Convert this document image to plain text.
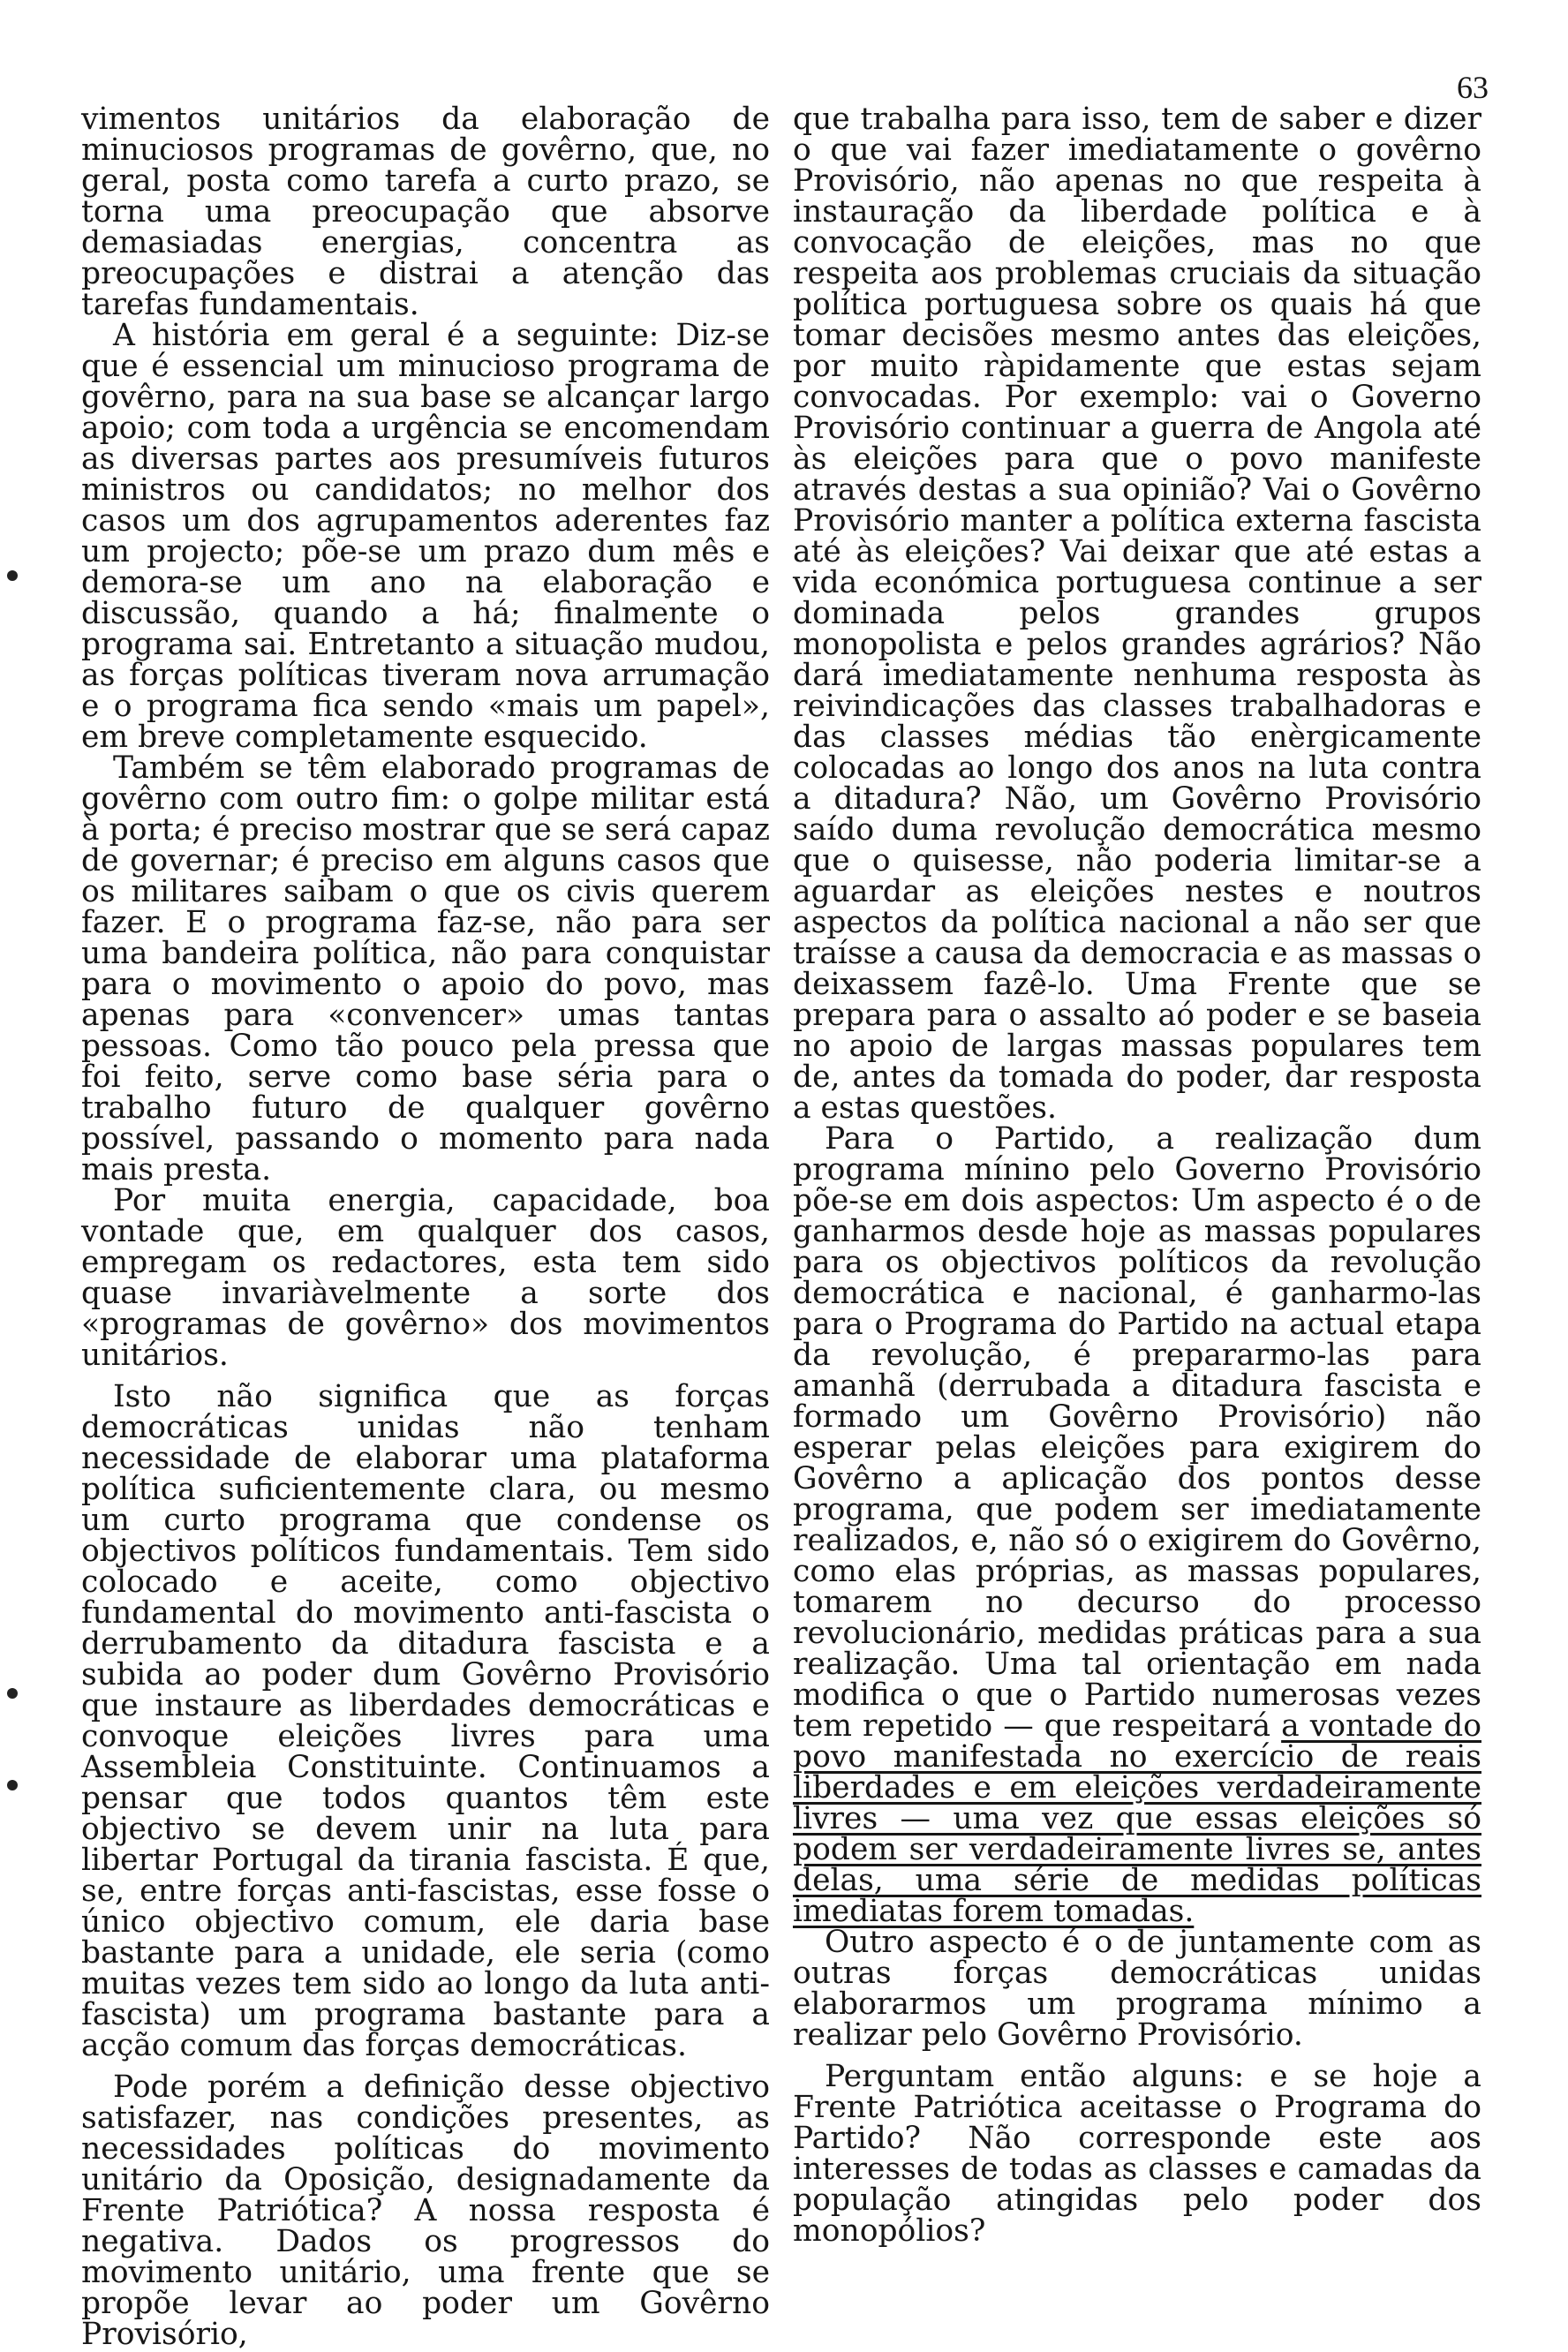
63

vimentos unitários da elaboração de minuciosos programas de govêrno, que, no geral, posta como tarefa a curto prazo, se torna uma preocupação que absorve demasiadas energias, concentra as preocupações e distrai a atenção das tarefas fundamentais.

A história em geral é a seguinte: Diz-se que é essencial um minucioso programa de govêrno, para na sua base se alcançar largo apoio; com toda a urgência se encomendam as diversas partes aos presumíveis futuros ministros ou candidatos; no melhor dos casos um dos agrupamentos aderentes faz um projecto; põe-se um prazo dum mês e demora-se um ano na elaboração e discussão, quando a há; finalmente o programa sai. Entretanto a situação mudou, as forças políticas tiveram nova arrumação e o programa fica sendo «mais um papel», em breve completamente esquecido.

Também se têm elaborado programas de govêrno com outro fim: o golpe militar está à porta; é preciso mostrar que se será capaz de governar; é preciso em alguns casos que os militares saibam o que os civis querem fazer. E o programa faz-se, não para ser uma bandeira política, não para conquistar para o movimento o apoio do povo, mas apenas para «convencer» umas tantas pessoas. Como tão pouco pela pressa que foi feito, serve como base séria para o trabalho futuro de qualquer govêrno possível, passando o momento para nada mais presta.

Por muita energia, capacidade, boa vontade que, em qualquer dos casos, empregam os redactores, esta tem sido quase invariàvelmente a sorte dos «programas de govêrno» dos movimentos unitários.

Isto não significa que as forças democráticas unidas não tenham necessidade de elaborar uma plataforma política suficientemente clara, ou mesmo um curto programa que condense os objectivos políticos fundamentais. Tem sido colocado e aceite, como objectivo fundamental do movimento anti-fascista o derrubamento da ditadura fascista e a subida ao poder dum Govêrno Provisório que instaure as liberdades democráticas e convoque eleições livres para uma Assembleia Constituinte. Continuamos a pensar que todos quantos têm este objectivo se devem unir na luta para libertar Portugal da tirania fascista. É que, se, entre forças anti-fascistas, esse fosse o único objectivo comum, ele daria base bastante para a unidade, ele seria (como muitas vezes tem sido ao longo da luta anti-fascista) um programa bastante para a acção comum das forças democráticas.

Pode porém a definição desse objectivo satisfazer, nas condições presentes, as necessidades políticas do movimento unitário da Oposição, designadamente da Frente Patriótica? A nossa resposta é negativa. Dados os progressos do movimento unitário, uma frente que se propõe levar ao poder um Govêrno Provisório,

que trabalha para isso, tem de saber e dizer o que vai fazer imediatamente o govêrno Provisório, não apenas no que respeita à instauração da liberdade política e à convocação de eleições, mas no que respeita aos problemas cruciais da situação política portuguesa sobre os quais há que tomar decisões mesmo antes das eleições, por muito ràpidamente que estas sejam convocadas. Por exemplo: vai o Governo Provisório continuar a guerra de Angola até às eleições para que o povo manifeste através destas a sua opinião? Vai o Govêrno Provisório manter a política externa fascista até às eleições? Vai deixar que até estas a vida económica portuguesa continue a ser dominada pelos grandes grupos monopolista e pelos grandes agrários? Não dará imediatamente nenhuma resposta às reivindicações das classes trabalhadoras e das classes médias tão enèrgicamente colocadas ao longo dos anos na luta contra a ditadura? Não, um Govêrno Provisório saído duma revolução democrática mesmo que o quisesse, não poderia limitar-se a aguardar as eleições nestes e noutros aspectos da política nacional a não ser que traísse a causa da democracia e as massas o deixassem fazê-lo. Uma Frente que se prepara para o assalto aó poder e se baseia no apoio de largas massas populares tem de, antes da tomada do poder, dar resposta a estas questões.

Para o Partido, a realização dum programa mínino pelo Governo Provisório põe-se em dois aspectos: Um aspecto é o de ganharmos desde hoje as massas populares para os objectivos políticos da revolução democrática e nacional, é ganharmo-las para o Programa do Partido na actual etapa da revolução, é prepararmo-las para amanhã (derrubada a ditadura fascista e formado um Govêrno Provisório) não esperar pelas eleições para exigirem do Govêrno a aplicação dos pontos desse programa, que podem ser imediatamente realizados, e, não só o exigirem do Govêrno, como elas próprias, as massas populares, tomarem no decurso do processo revolucionário, medidas práticas para a sua realização. Uma tal orientação em nada modifica o que o Partido numerosas vezes tem repetido — que respeitará a vontade do povo manifestada no exercício de reais liberdades e em eleições verdadeiramente livres — uma vez que essas eleições só podem ser verdadeiramente livres se, antes delas, uma série de medidas políticas imediatas forem tomadas.

Outro aspecto é o de juntamente com as outras forças democráticas unidas elaborarmos um programa mínimo a realizar pelo Govêrno Provisório.

Perguntam então alguns: e se hoje a Frente Patriótica aceitasse o Programa do Partido? Não corresponde este aos interesses de todas as classes e camadas da população atingidas pelo poder dos monopólios?
